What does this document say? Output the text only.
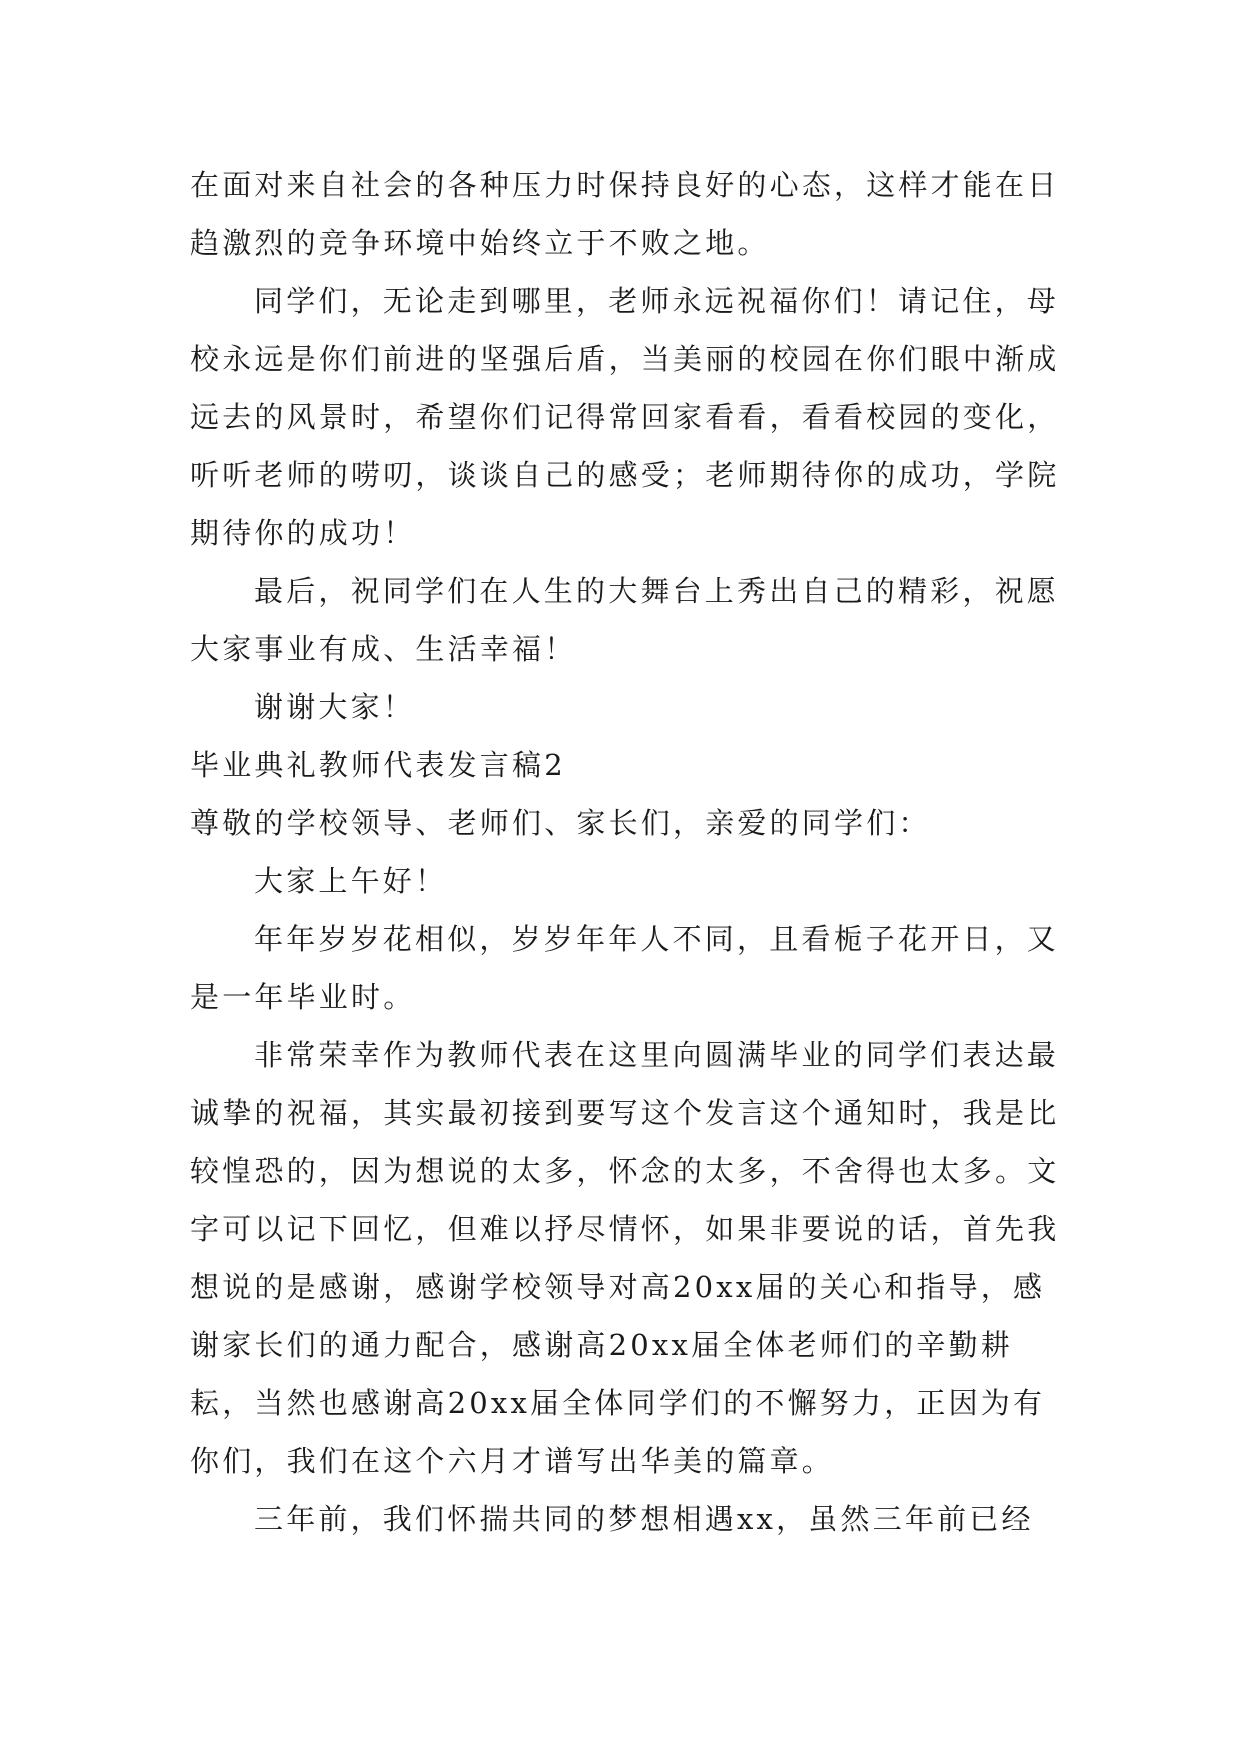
在面对来自社会的各种压力时保持良好的心态，这样才能在日趋激烈的竞争环境中始终立于不败之地。

同学们，无论走到哪里，老师永远祝福你们！请记住，母校永远是你们前进的坚强后盾，当美丽的校园在你们眼中渐成远去的风景时，希望你们记得常回家看看，看看校园的变化，听听老师的唠叨，谈谈自己的感受；老师期待你的成功，学院期待你的成功！

最后，祝同学们在人生的大舞台上秀出自己的精彩，祝愿大家事业有成、生活幸福！

谢谢大家！

毕业典礼教师代表发言稿2

尊敬的学校领导、老师们、家长们，亲爱的同学们：

大家上午好！

年年岁岁花相似，岁岁年年人不同，且看栀子花开日，又是一年毕业时。

非常荣幸作为教师代表在这里向圆满毕业的同学们表达最诚挚的祝福，其实最初接到要写这个发言这个通知时，我是比较惶恐的，因为想说的太多，怀念的太多，不舍得也太多。文字可以记下回忆，但难以抒尽情怀，如果非要说的话，首先我想说的是感谢，感谢学校领导对高20xx届的关心和指导，感谢家长们的通力配合，感谢高20xx届全体老师们的辛勤耕耘，当然也感谢高20xx届全体同学们的不懈努力，正因为有你们，我们在这个六月才谱写出华美的篇章。

三年前，我们怀揣共同的梦想相遇xx，虽然三年前已经
